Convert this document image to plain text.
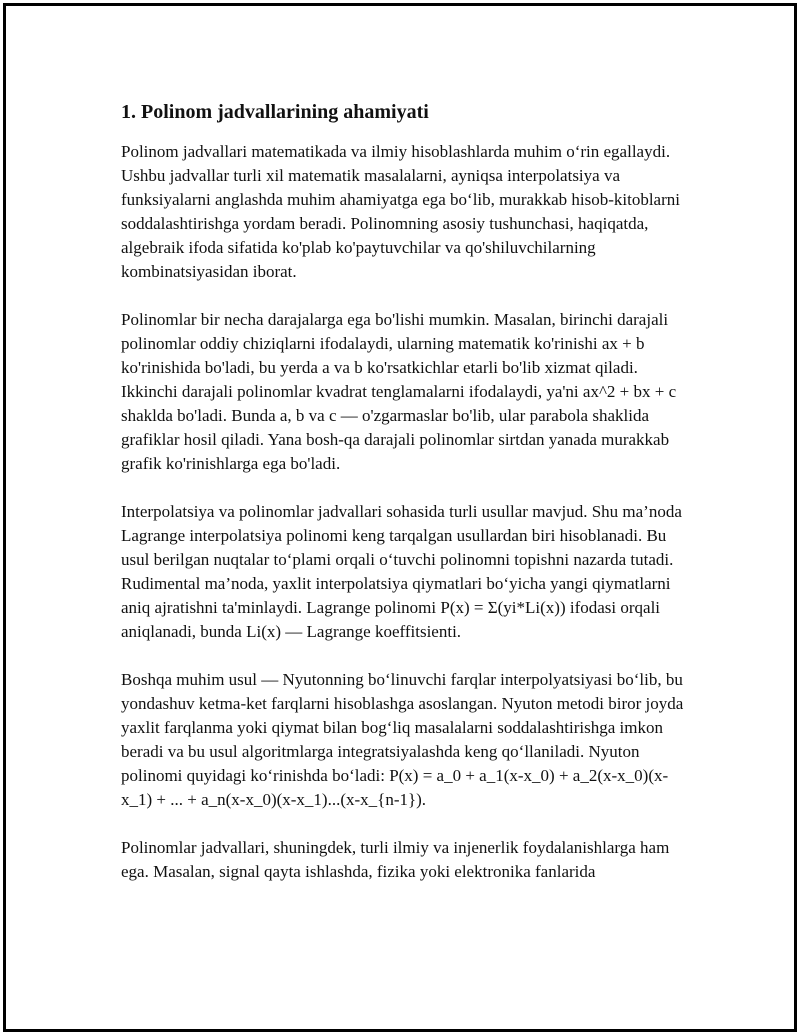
1. Polinom jadvallarining ahamiyati

Polinom jadvallari matematikada va ilmiy hisoblashlarda muhim o‘rin egallaydi. Ushbu jadvallar turli xil matematik masalalarni, ayniqsa interpolatsiya va funksiyalarni anglashda muhim ahamiyatga ega bo‘lib, murakkab hisob-kitoblarni soddalashtirishga yordam beradi. Polinomning asosiy tushunchasi, haqiqatda, algebraik ifoda sifatida ko'plab ko'paytuvchilar va qo'shiluvchilarning kombinatsiyasidan iborat.

Polinomlar bir necha darajalarga ega bo'lishi mumkin. Masalan, birinchi darajali polinomlar oddiy chiziqlarni ifodalaydi, ularning matematik ko'rinishi ax + b ko'rinishida bo'ladi, bu yerda a va b ko'rsatkichlar etarli bo'lib xizmat qiladi. Ikkinchi darajali polinomlar kvadrat tenglamalarni ifodalaydi, ya'ni ax^2 + bx + c shaklda bo'ladi. Bunda a, b va c — o'zgarmaslar bo'lib, ular parabola shaklida grafiklar hosil qiladi. Yana bosh-qa darajali polinomlar sirtdan yanada murakkab grafik ko'rinishlarga ega bo'ladi.

Interpolatsiya va polinomlar jadvallari sohasida turli usullar mavjud. Shu ma’noda Lagrange interpolatsiya polinomi keng tarqalgan usullardan biri hisoblanadi. Bu usul berilgan nuqtalar to‘plami orqali o‘tuvchi polinomni topishni nazarda tutadi. Rudimental ma’noda, yaxlit interpolatsiya qiymatlari bo‘yicha yangi qiymatlarni aniq ajratishni ta'minlaydi. Lagrange polinomi P(x) = Σ(yi*Li(x)) ifodasi orqali aniqlanadi, bunda Li(x) — Lagrange koeffitsienti.

Boshqa muhim usul — Nyutonning bo‘linuvchi farqlar interpolyatsiyasi bo‘lib, bu yondashuv ketma-ket farqlarni hisoblashga asoslangan. Nyuton metodi biror joyda yaxlit farqlanma yoki qiymat bilan bog‘liq masalalarni soddalashtirishga imkon beradi va bu usul algoritmlarga integratsiyalashda keng qo‘llaniladi. Nyuton polinomi quyidagi ko‘rinishda bo‘ladi: P(x) = a_0 + a_1(x-x_0) + a_2(x-x_0)(x-x_1) + ... + a_n(x-x_0)(x-x_1)...(x-x_{n-1}).

Polinomlar jadvallari, shuningdek, turli ilmiy va injenerlik foydalanishlarga ham ega. Masalan, signal qayta ishlashda, fizika yoki elektronika fanlarida
